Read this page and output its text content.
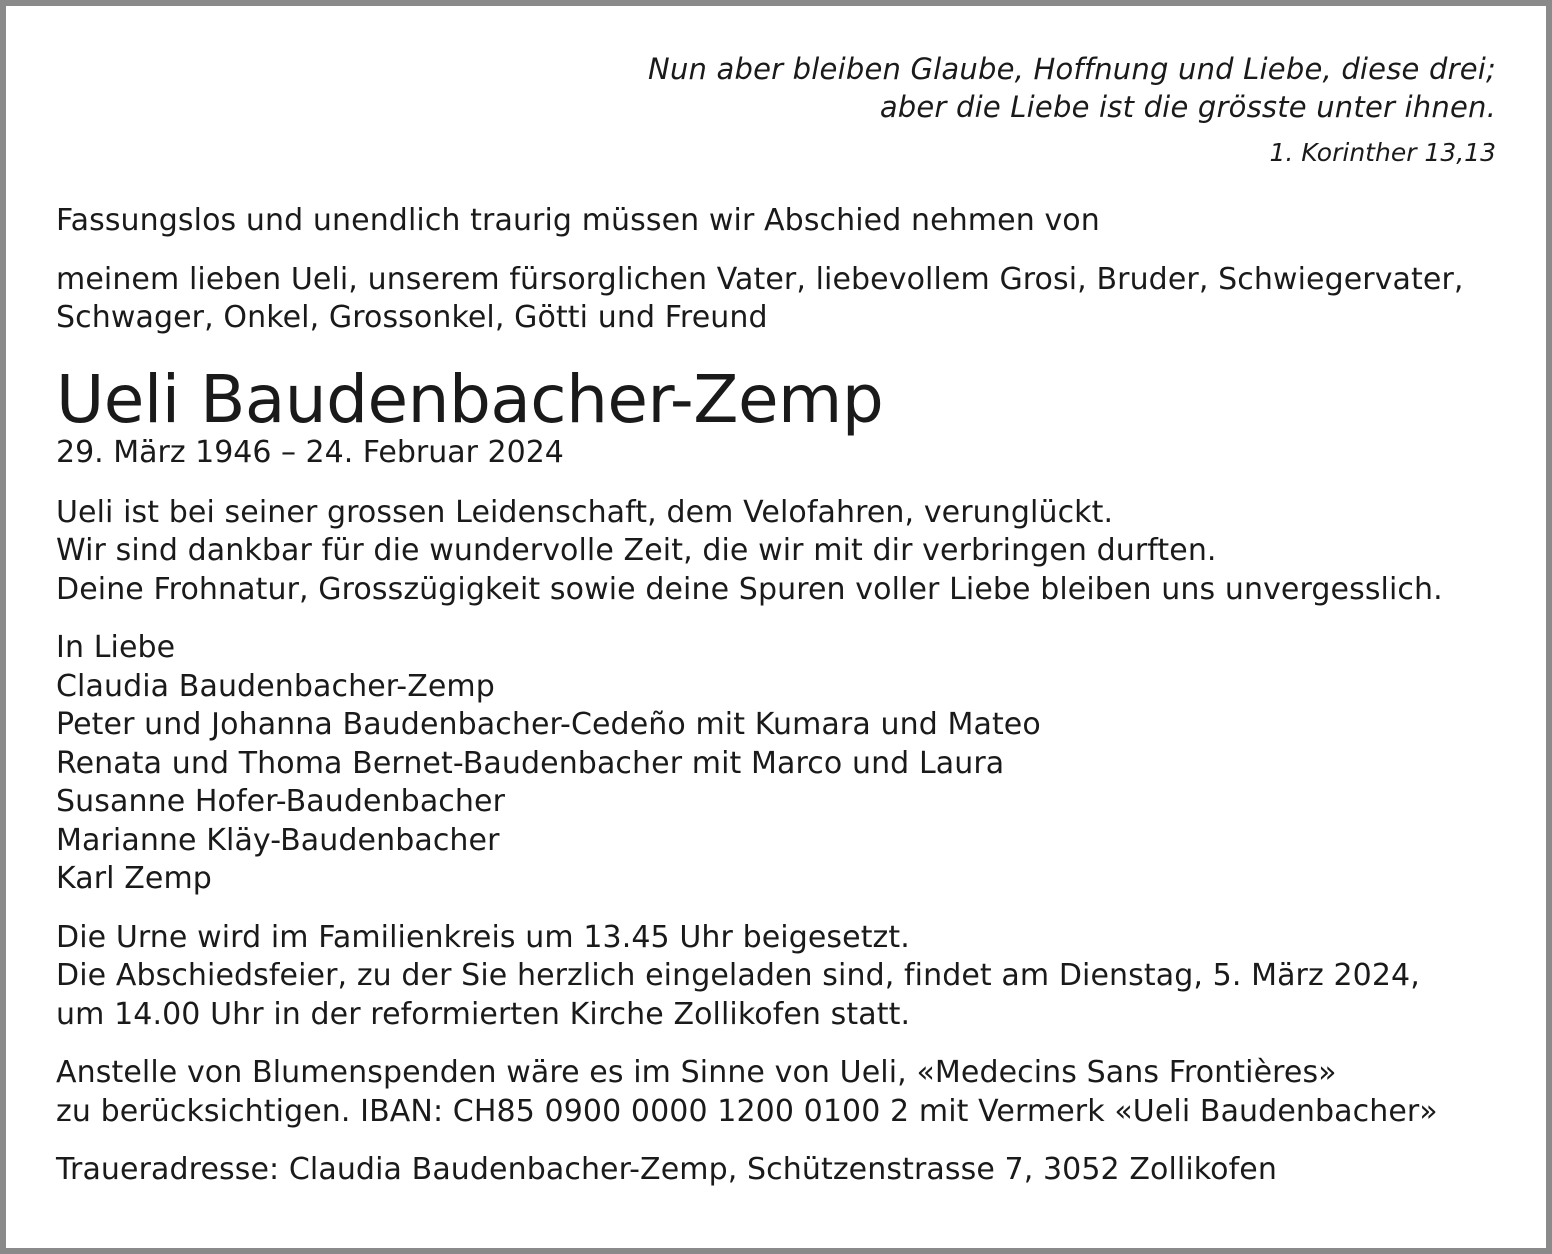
Nun aber bleiben Glaube, Hoffnung und Liebe, diese drei;
aber die Liebe ist die grösste unter ihnen.
1. Korinther 13,13
Fassungslos und unendlich traurig müssen wir Abschied nehmen von
meinem lieben Ueli, unserem fürsorglichen Vater, liebevollem Grosi, Bruder, Schwiegervater,
Schwager, Onkel, Grossonkel, Götti und Freund
Ueli Baudenbacher-Zemp
29. März 1946 – 24. Februar 2024
Ueli ist bei seiner grossen Leidenschaft, dem Velofahren, verunglückt.
Wir sind dankbar für die wundervolle Zeit, die wir mit dir verbringen durften.
Deine Frohnatur, Grosszügigkeit sowie deine Spuren voller Liebe bleiben uns unvergesslich.
In Liebe
Claudia Baudenbacher-Zemp
Peter und Johanna Baudenbacher-Cedeño mit Kumara und Mateo
Renata und Thoma Bernet-Baudenbacher mit Marco und Laura
Susanne Hofer-Baudenbacher
Marianne Kläy-Baudenbacher
Karl Zemp
Die Urne wird im Familienkreis um 13.45 Uhr beigesetzt.
Die Abschiedsfeier, zu der Sie herzlich eingeladen sind, findet am Dienstag, 5. März 2024,
um 14.00 Uhr in der reformierten Kirche Zollikofen statt.
Anstelle von Blumenspenden wäre es im Sinne von Ueli, «Medecins Sans Frontières»
zu berücksichtigen. IBAN: CH85 0900 0000 1200 0100 2 mit Vermerk «Ueli Baudenbacher»
Traueradresse: Claudia Baudenbacher-Zemp, Schützenstrasse 7, 3052 Zollikofen
